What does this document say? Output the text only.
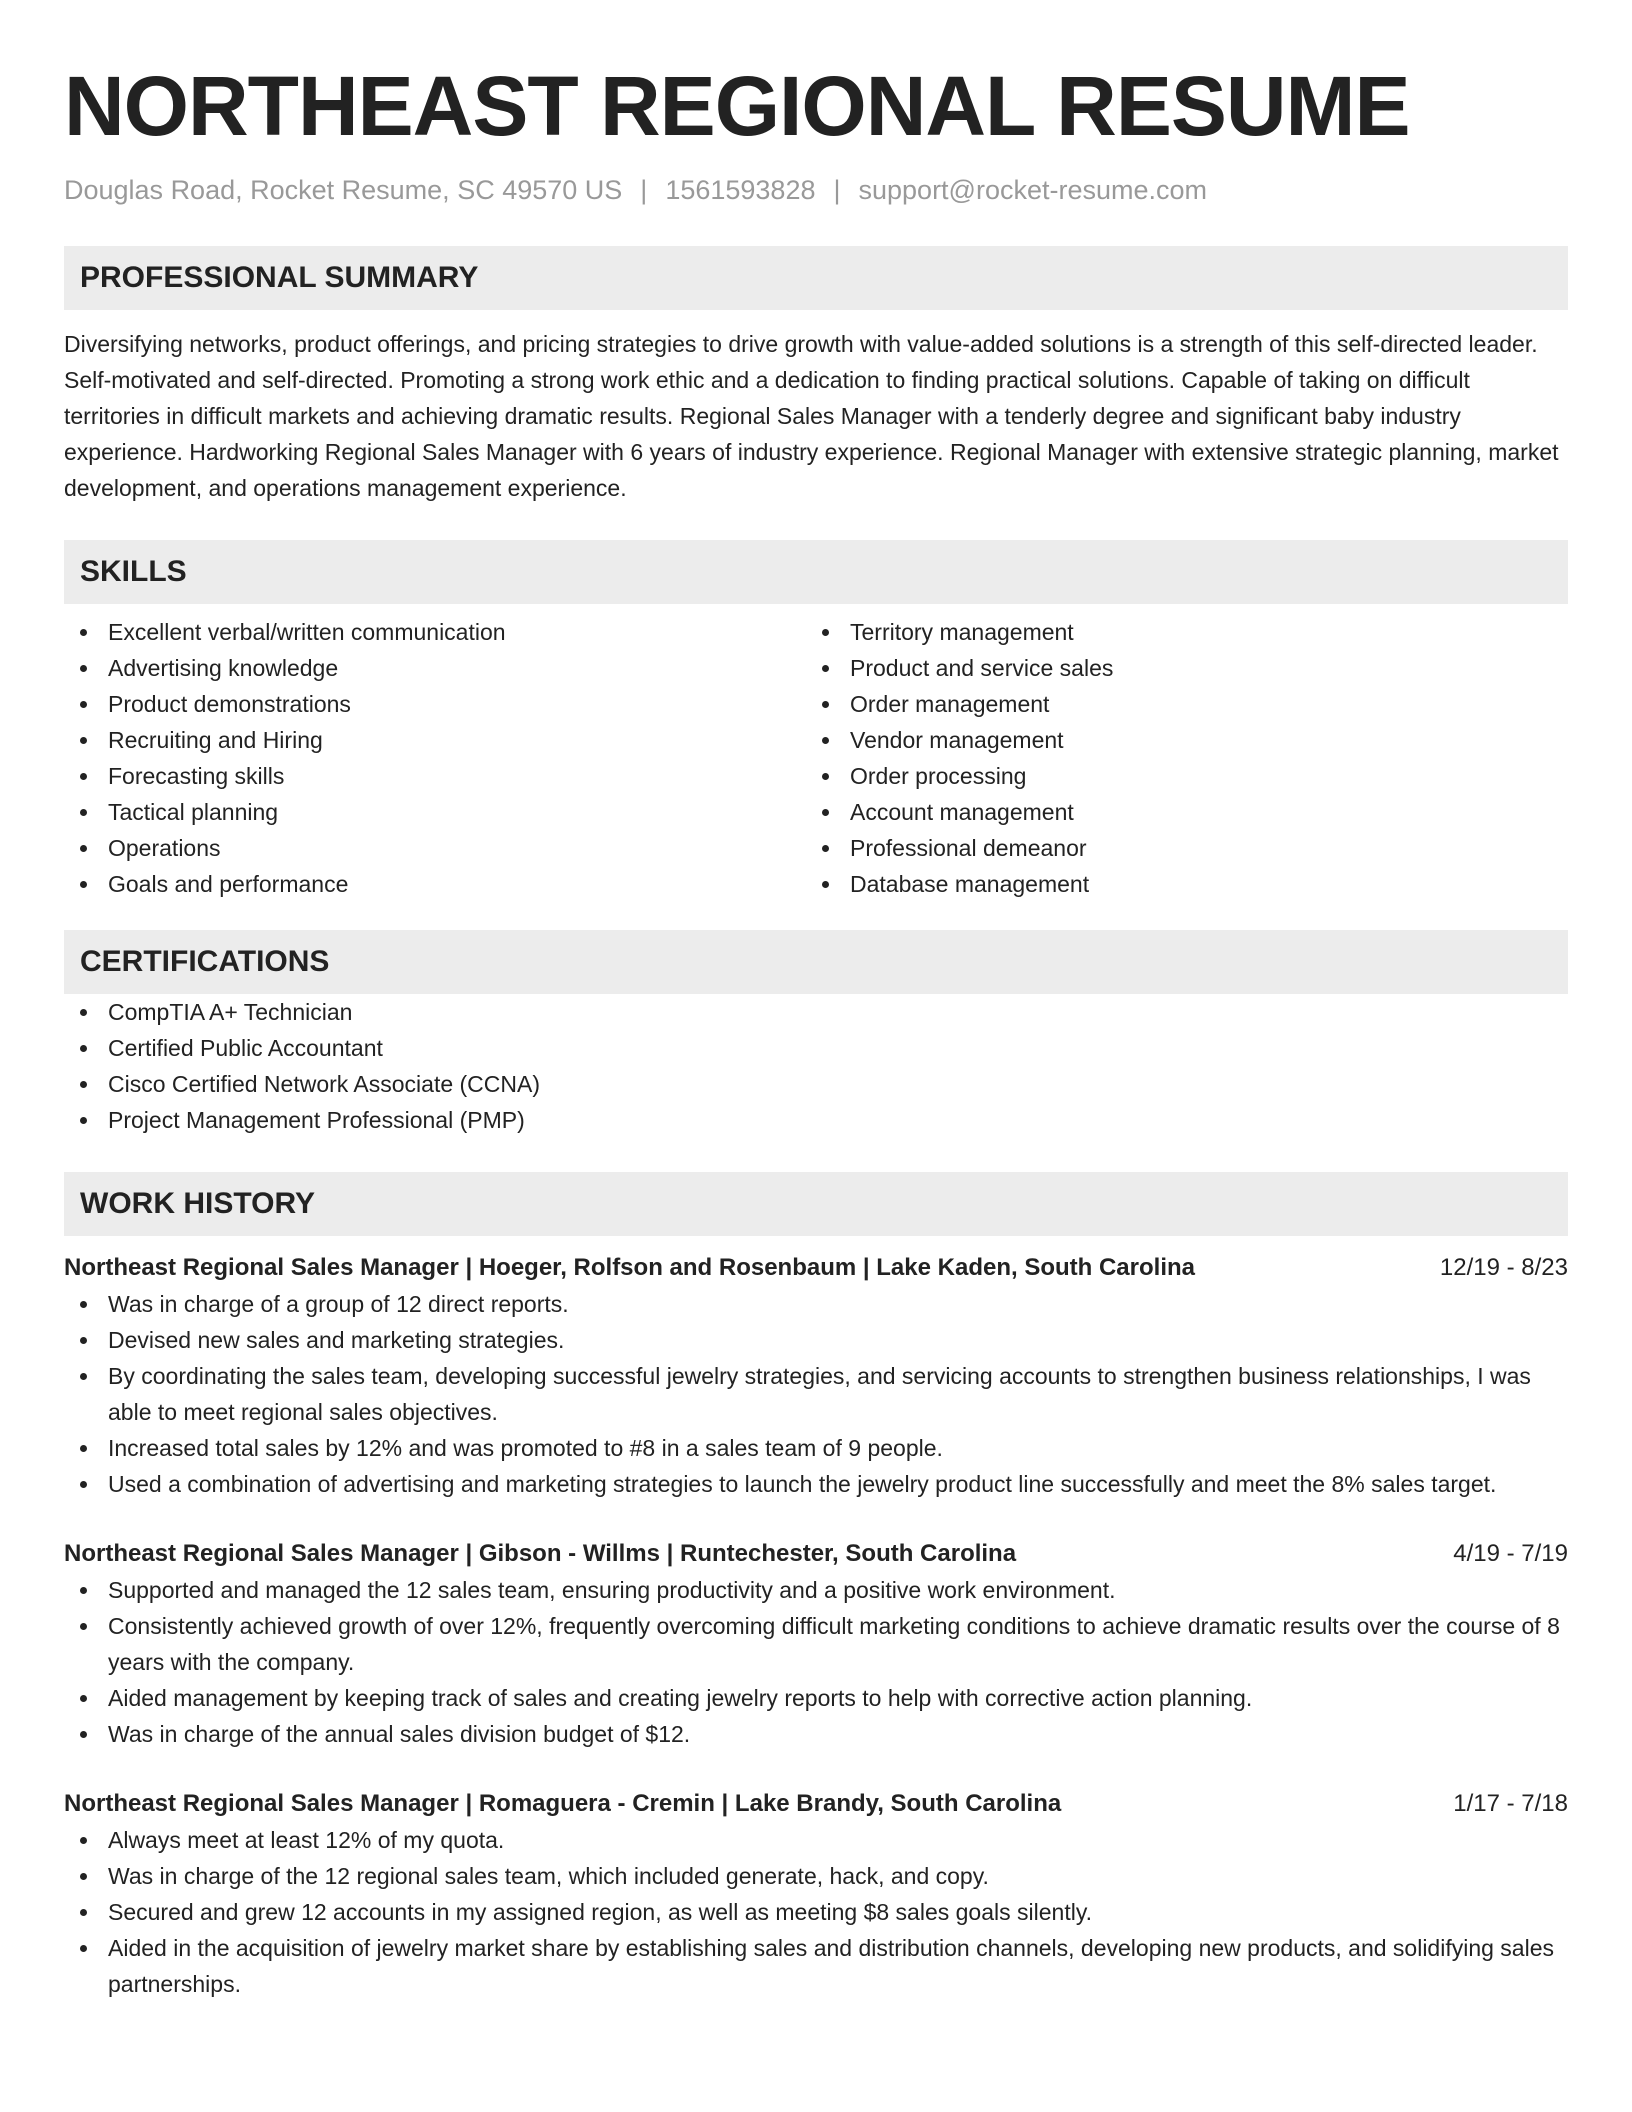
NORTHEAST REGIONAL RESUME
Douglas Road, Rocket Resume, SC 49570 US | 1561593828 | support@rocket-resume.com
PROFESSIONAL SUMMARY
Diversifying networks, product offerings, and pricing strategies to drive growth with value-added solutions is a strength of this self-directed leader. Self-motivated and self-directed. Promoting a strong work ethic and a dedication to finding practical solutions. Capable of taking on difficult territories in difficult markets and achieving dramatic results. Regional Sales Manager with a tenderly degree and significant baby industry experience. Hardworking Regional Sales Manager with 6 years of industry experience. Regional Manager with extensive strategic planning, market development, and operations management experience.
SKILLS
Excellent verbal/written communication
Advertising knowledge
Product demonstrations
Recruiting and Hiring
Forecasting skills
Tactical planning
Operations
Goals and performance
Territory management
Product and service sales
Order management
Vendor management
Order processing
Account management
Professional demeanor
Database management
CERTIFICATIONS
CompTIA A+ Technician
Certified Public Accountant
Cisco Certified Network Associate (CCNA)
Project Management Professional (PMP)
WORK HISTORY
Northeast Regional Sales Manager | Hoeger, Rolfson and Rosenbaum | Lake Kaden, South Carolina	12/19 - 8/23
Was in charge of a group of 12 direct reports.
Devised new sales and marketing strategies.
By coordinating the sales team, developing successful jewelry strategies, and servicing accounts to strengthen business relationships, I was able to meet regional sales objectives.
Increased total sales by 12% and was promoted to #8 in a sales team of 9 people.
Used a combination of advertising and marketing strategies to launch the jewelry product line successfully and meet the 8% sales target.
Northeast Regional Sales Manager | Gibson - Willms | Runtechester, South Carolina	4/19 - 7/19
Supported and managed the 12 sales team, ensuring productivity and a positive work environment.
Consistently achieved growth of over 12%, frequently overcoming difficult marketing conditions to achieve dramatic results over the course of 8 years with the company.
Aided management by keeping track of sales and creating jewelry reports to help with corrective action planning.
Was in charge of the annual sales division budget of $12.
Northeast Regional Sales Manager | Romaguera - Cremin | Lake Brandy, South Carolina	1/17 - 7/18
Always meet at least 12% of my quota.
Was in charge of the 12 regional sales team, which included generate, hack, and copy.
Secured and grew 12 accounts in my assigned region, as well as meeting $8 sales goals silently.
Aided in the acquisition of jewelry market share by establishing sales and distribution channels, developing new products, and solidifying sales partnerships.
